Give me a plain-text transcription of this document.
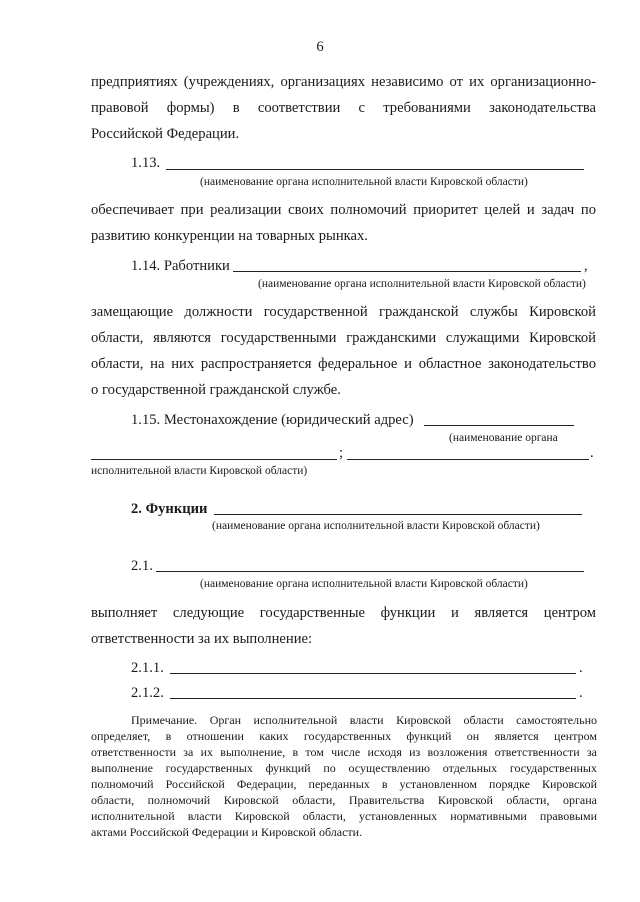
6
предприятиях (учреждениях, организациях независимо от их организационно-
правовой формы) в соответствии с требованиями законодательства
Российской Федерации.
1.13.
(наименование органа исполнительной власти Кировской области)
обеспечивает при реализации своих полномочий приоритет целей и задач по
развитию конкуренции на товарных рынках.
1.14. Работники	,
(наименование органа исполнительной власти Кировской области)
замещающие должности государственной гражданской службы Кировской
области, являются государственными гражданскими служащими Кировской
области, на них распространяется федеральное и областное законодательство
о государственной гражданской службе.
1.15. Местонахождение (юридический адрес)
(наименование органа
;	.
исполнительной власти Кировской области)
2. Функции
(наименование органа исполнительной власти Кировской области)
2.1.
(наименование органа исполнительной власти Кировской области)
выполняет следующие государственные функции и является центром
ответственности за их выполнение:
2.1.1.	.
2.1.2.	.
Примечание. Орган исполнительной власти Кировской области самостоятельно
определяет, в отношении каких государственных функций он является центром
ответственности за их выполнение, в том числе исходя из возложения ответственности за
выполнение государственных функций по осуществлению отдельных государственных
полномочий Российской Федерации, переданных в установленном порядке Кировской
области, полномочий Кировской области, Правительства Кировской области, органа
исполнительной власти Кировской области, установленных нормативными правовыми
актами Российской Федерации и Кировской области.
